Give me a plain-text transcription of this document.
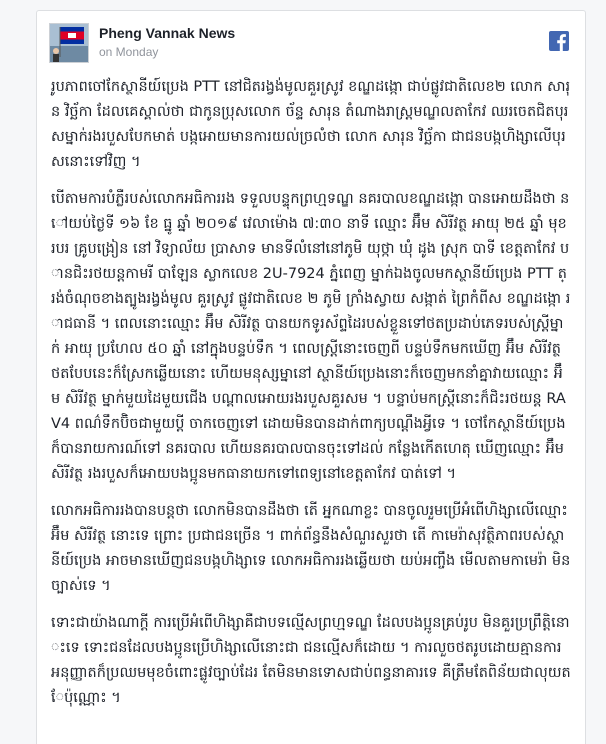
Pheng Vannak News
on Monday

រូបភាពចៅកែស្ថានីយ៍ប្រេង PTT នៅជិតរង្វង់មូលគួរស្រូវ ខណ្ឌដង្កោ ជាប់ផ្លូវជាតិលេខ២ លោក សារុន វិច្ឆ័កា ដែលគេស្គាល់ថា ជាកូនប្រុសលោក ច័ន្ទ សារុន តំណាងរាស្រ្តមណ្ឌលតាកែវ ឈរចេតជិតបុរសម្នាក់រងរបួសបែកមាត់ បង្កអោយមានការយល់ច្រលំថា លោក សារុន វិច្ឆ័កា ជាជនបង្កហិង្សាលើបុរសនោះទៅវិញ ។

បើតាមការបំភ្លឺរបស់លោកអធិការរង ទទួលបន្ទុកព្រហ្មទណ្ឌ នគរបាលខណ្ឌដង្កោ បានអោយដឹងថា នៅយប់ថ្ងៃទី ១៦ ខែ ធ្នូ ឆ្នាំ ២០១៩ វេលាម៉ោង ៧:៣០ នាទី ឈ្មោះ អ៊ឹម សិរីវត្ថ អាយុ ២៥ ឆ្នាំ មុខរបរ គ្រូបង្រៀន នៅ វិទ្យាល័យ ប្រាសាទ មានទីលំនៅនៅភូមិ យុថ្កា ឃុំ ដូង ស្រុក បាទី ខេត្តតាកែវ បានជិះរថយន្តកាមរី បាឡែន ស្លាកលេខ 2U-7924 ភ្នំពេញ ម្នាក់ឯងចូលមកស្ថានីយ៍ប្រេង PTT ត្រង់ចំណុចខាងត្បូងរង្វង់មូល គួរស្រូវ ផ្លូវជាតិលេខ ២ ភូមិ ក្រាំងស្វាយ សង្កាត់ ព្រៃកំពីស ខណ្ឌដង្កោ រាជធានី ។ ពេលនោះឈ្មោះ អ៊ឹម សិរីវត្ថ បានយកទូរស័ព្ទដៃរបស់ខ្លួនទៅថតប្រដាប់ភេទរបស់ស្ត្រីម្នាក់ អាយុ ប្រហែល ៥០ ឆ្នាំ នៅក្នុងបន្ទប់ទឹក ។ ពេលស្ត្រីនោះចេញពី បន្ទប់ទឹកមកឃើញ អ៊ឹម សិរីវត្ថ ថតបែបនេះក៏ស្រែកឆ្លើយនោះ ហើយមនុស្សម្នានៅ ស្ថានីយ៍ប្រេងនោះក៏ចេញមកនាំគ្នាវាយឈ្មោះ អ៊ឹម សិរីវត្ថ ម្នាក់មួយដៃមួយជើង បណ្តាលអោយរងរបួសគួរសម ។ បន្ទាប់មកស្ត្រីនោះក៏ជិះរថយន្ត RAV4 ពណ៌ទឹកប៊ិចជាមួយប្តី ចាកចេញទៅ ដោយមិនបានដាក់ពាក្យបណ្តឹងអ្វីទេ ។ ចៅកែស្ថានីយ៍ប្រេងក៏បានរាយការណ៍ទៅ នគរបាល ហើយនគរបាលបានចុះទៅដល់ កន្លែងកើតហេតុ ឃើញឈ្មោះ អ៊ឹម សិរីវត្ថ រងរបួសក៏អោយបងប្អូនមកធានាយកទៅពេទ្យនៅខេត្តតាកែវ បាត់ទៅ ។

លោកអធិការរងបានបន្តថា លោកមិនបានដឹងថា តើ អ្នកណាខ្លះ បានចូលរួមប្រើអំពើហិង្សាលើឈ្មោះ អ៊ឹម សិរីវត្ថ នោះទេ ព្រោះ ប្រជាជនច្រើន ។ ពាក់ព័ន្ធនឹងសំណួរសួរថា តើ កាមេរ៉ាសុវត្ថិភាពរបស់ស្ថានីយ៍ប្រេង អាចមានឃើញជនបង្កហិង្សាទេ លោកអធិការរងឆ្លើយថា យប់អញ្ចឹង មើលតាមកាមេរ៉ា មិនច្បាស់ទេ ។

ទោះជាយ៉ាងណាក្តី ការប្រើអំពើហិង្សាគឺជាបទល្មើសព្រហ្មទណ្ឌ ដែលបងប្អូនគ្រប់រូប មិនគួរប្រព្រឹត្តិនោះទេ ទោះជនដែលបងប្អូនប្រើហិង្សាលើនោះជា ជនល្មើសក៏ដោយ ។ ការលួចថតរូបដោយគ្មានការ អនុញ្ញាតក៏ប្រឈមមុខចំពោះផ្លូវច្បាប់ដែរ តែមិនមានទោសជាប់ពន្ធនាគារទេ គឺត្រឹមតែពិន័យជាលុយតែប៉ុណ្ណោះ ។
